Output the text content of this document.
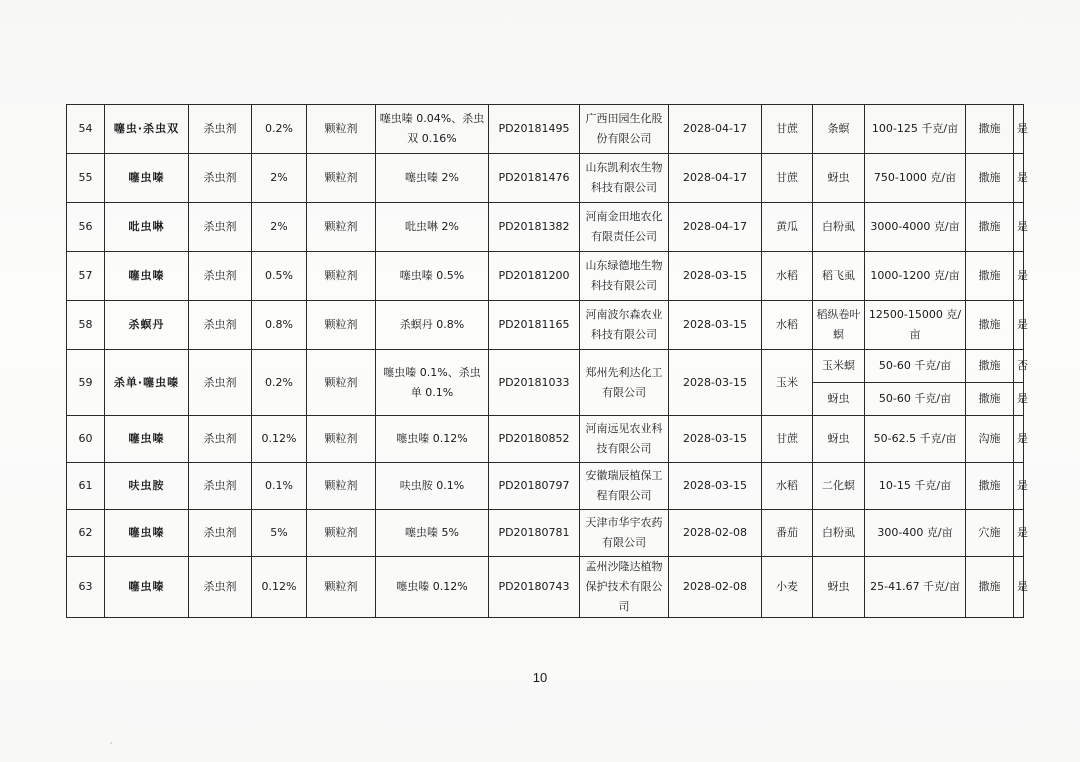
54	噻虫·杀虫双	杀虫剂	0.2%	颗粒剂	噻虫嗪 0.04%、杀虫双 0.16%	PD20181495	广西田园生化股份有限公司	2028-04-17	甘蔗	条螟	100-125 千克/亩	撒施	是
55	噻虫嗪	杀虫剂	2%	颗粒剂	噻虫嗪 2%	PD20181476	山东凯利农生物科技有限公司	2028-04-17	甘蔗	蚜虫	750-1000 克/亩	撒施	是
56	吡虫啉	杀虫剂	2%	颗粒剂	吡虫啉 2%	PD20181382	河南金田地农化有限责任公司	2028-04-17	黄瓜	白粉虱	3000-4000 克/亩	撒施	是
57	噻虫嗪	杀虫剂	0.5%	颗粒剂	噻虫嗪 0.5%	PD20181200	山东绿德地生物科技有限公司	2028-03-15	水稻	稻飞虱	1000-1200 克/亩	撒施	是
58	杀螟丹	杀虫剂	0.8%	颗粒剂	杀螟丹 0.8%	PD20181165	河南波尔森农业科技有限公司	2028-03-15	水稻	稻纵卷叶螟	12500-15000 克/亩	撒施	是
59	杀单·噻虫嗪	杀虫剂	0.2%	颗粒剂	噻虫嗪 0.1%、杀虫单 0.1%	PD20181033	郑州先利达化工有限公司	2028-03-15	玉米	玉米螟	50-60 千克/亩	撒施	否
										蚜虫	50-60 千克/亩	撒施	是
60	噻虫嗪	杀虫剂	0.12%	颗粒剂	噻虫嗪 0.12%	PD20180852	河南远见农业科技有限公司	2028-03-15	甘蔗	蚜虫	50-62.5 千克/亩	沟施	是
61	呋虫胺	杀虫剂	0.1%	颗粒剂	呋虫胺 0.1%	PD20180797	安徽瑞辰植保工程有限公司	2028-03-15	水稻	二化螟	10-15 千克/亩	撒施	是
62	噻虫嗪	杀虫剂	5%	颗粒剂	噻虫嗪 5%	PD20180781	天津市华宇农药有限公司	2028-02-08	番茄	白粉虱	300-400 克/亩	穴施	是
63	噻虫嗪	杀虫剂	0.12%	颗粒剂	噻虫嗪 0.12%	PD20180743	孟州沙隆达植物保护技术有限公司	2028-02-08	小麦	蚜虫	25-41.67 千克/亩	撒施	是
10
